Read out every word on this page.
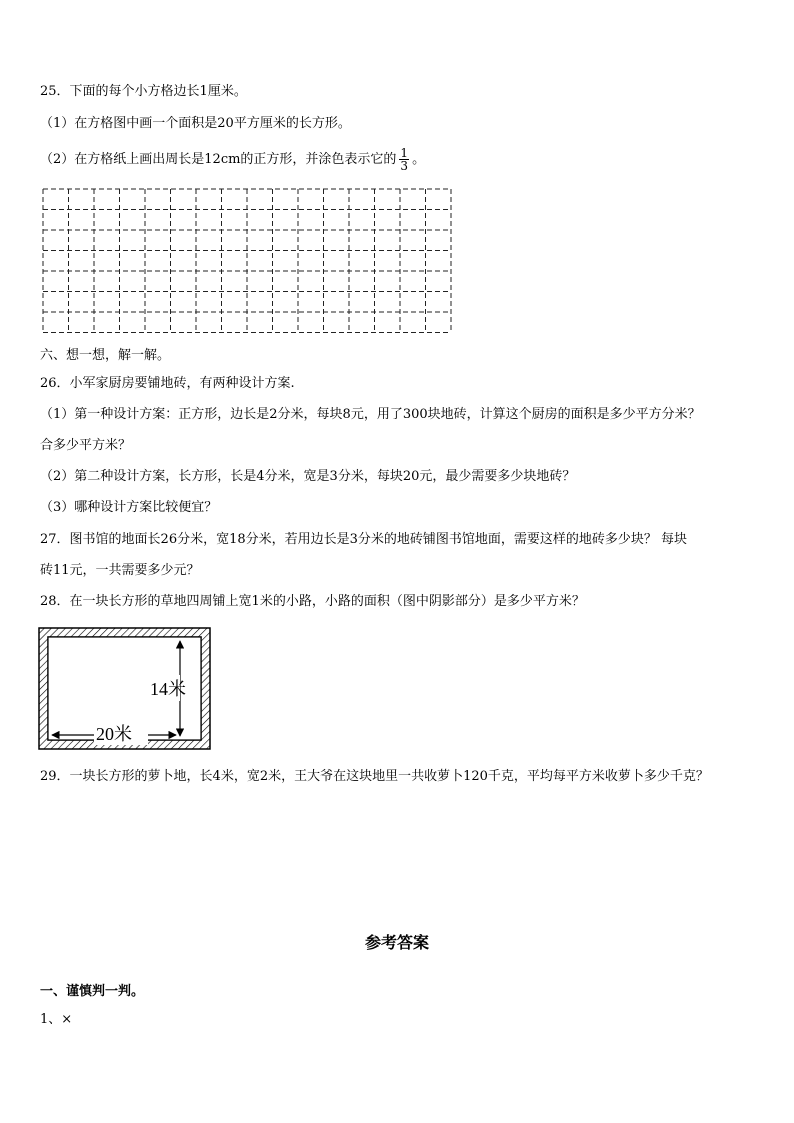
25．下面的每个小方格边长1厘米。
（1）在方格图中画一个面积是20平方厘米的长方形。
（2）在方格纸上画出周长是12cm的正方形，并涂色表示它的 $\frac{1}{3}$ 。
六、想一想，解一解。
26．小军家厨房要铺地砖，有两种设计方案.
（1）第一种设计方案：正方形，边长是2分米，每块8元，用了300块地砖，计算这个厨房的面积是多少平方分米？
合多少平方米？
（2）第二种设计方案，长方形，长是4分米，宽是3分米，每块20元，最少需要多少块地砖？
（3）哪种设计方案比较便宜？
27．图书馆的地面长26分米，宽18分米，若用边长是3分米的地砖铺图书馆地面，需要这样的地砖多少块？ 每块
砖11元，一共需要多少元？
28．在一块长方形的草地四周铺上宽1米的小路，小路的面积（图中阴影部分）是多少平方米？
14米
20米
29．一块长方形的萝卜地，长4米，宽2米，王大爷在这块地里一共收萝卜120千克，平均每平方米收萝卜多少千克？
参考答案
一、谨慎判一判。
1、×
